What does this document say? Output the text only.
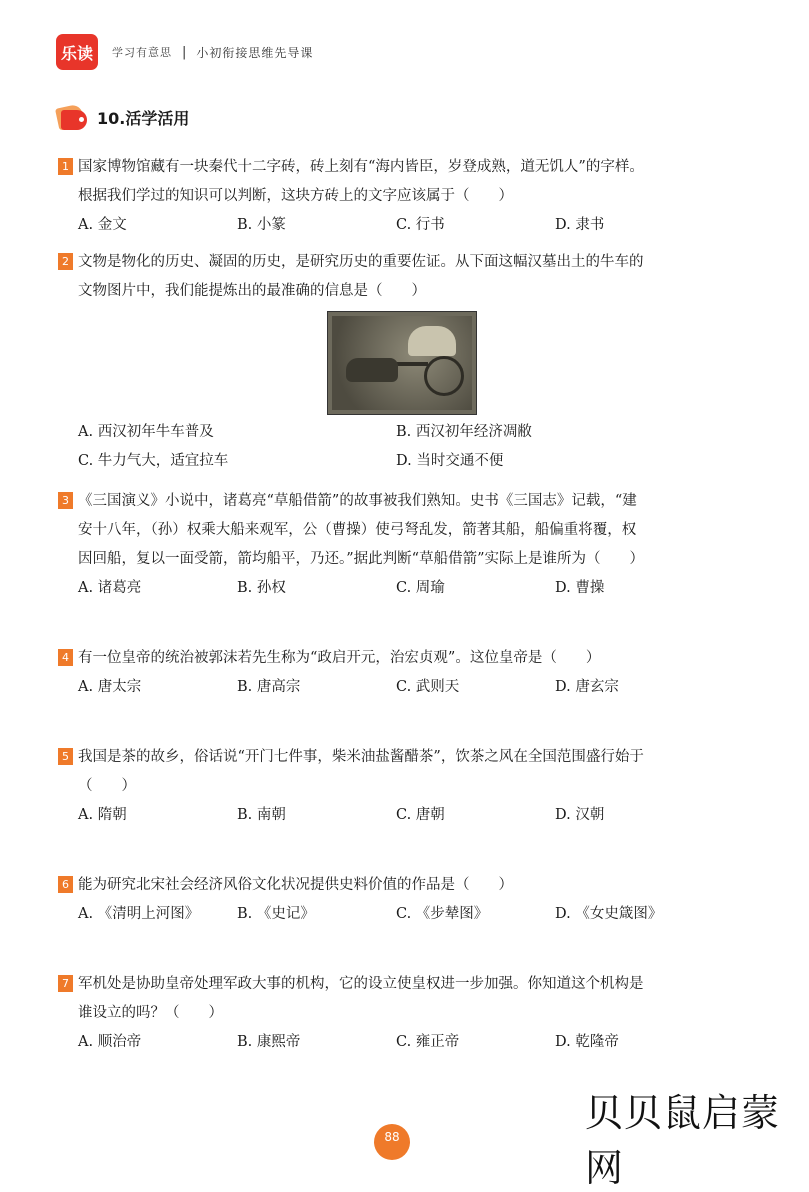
乐读	学习有意思 | 小初衔接思维先导课
10.活学活用
1 国家博物馆藏有一块秦代十二字砖，砖上刻有“海内皆臣，岁登成熟，道无饥人”的字样。
根据我们学过的知识可以判断，这块方砖上的文字应该属于（　　）
A. 金文	B. 小篆	C. 行书	D. 隶书
2 文物是物化的历史、凝固的历史，是研究历史的重要佐证。从下面这幅汉墓出土的牛车的
文物图片中，我们能提炼出的最准确的信息是（　　）
A. 西汉初年牛车普及	B. 西汉初年经济凋敝
C. 牛力气大，适宜拉车	D. 当时交通不便
3 《三国演义》小说中，诸葛亮“草船借箭”的故事被我们熟知。史书《三国志》记载，“建
安十八年，（孙）权乘大船来观军，公（曹操）使弓弩乱发，箭著其船，船偏重将覆，权
因回船，复以一面受箭，箭均船平，乃还。”据此判断“草船借箭”实际上是谁所为（　　）
A. 诸葛亮	B. 孙权	C. 周瑜	D. 曹操
4 有一位皇帝的统治被郭沫若先生称为“政启开元，治宏贞观”。这位皇帝是（　　）
A. 唐太宗	B. 唐高宗	C. 武则天	D. 唐玄宗
5 我国是茶的故乡，俗话说“开门七件事，柴米油盐酱醋茶”，饮茶之风在全国范围盛行始于
（　　）
A. 隋朝	B. 南朝	C. 唐朝	D. 汉朝
6 能为研究北宋社会经济风俗文化状况提供史料价值的作品是（　　）
A. 《清明上河图》	B. 《史记》	C. 《步辇图》	D. 《女史箴图》
7 军机处是协助皇帝处理军政大事的机构，它的设立使皇权进一步加强。你知道这个机构是
谁设立的吗？（　　）
A. 顺治帝	B. 康熙帝	C. 雍正帝	D. 乾隆帝
贝贝鼠启蒙网
88
